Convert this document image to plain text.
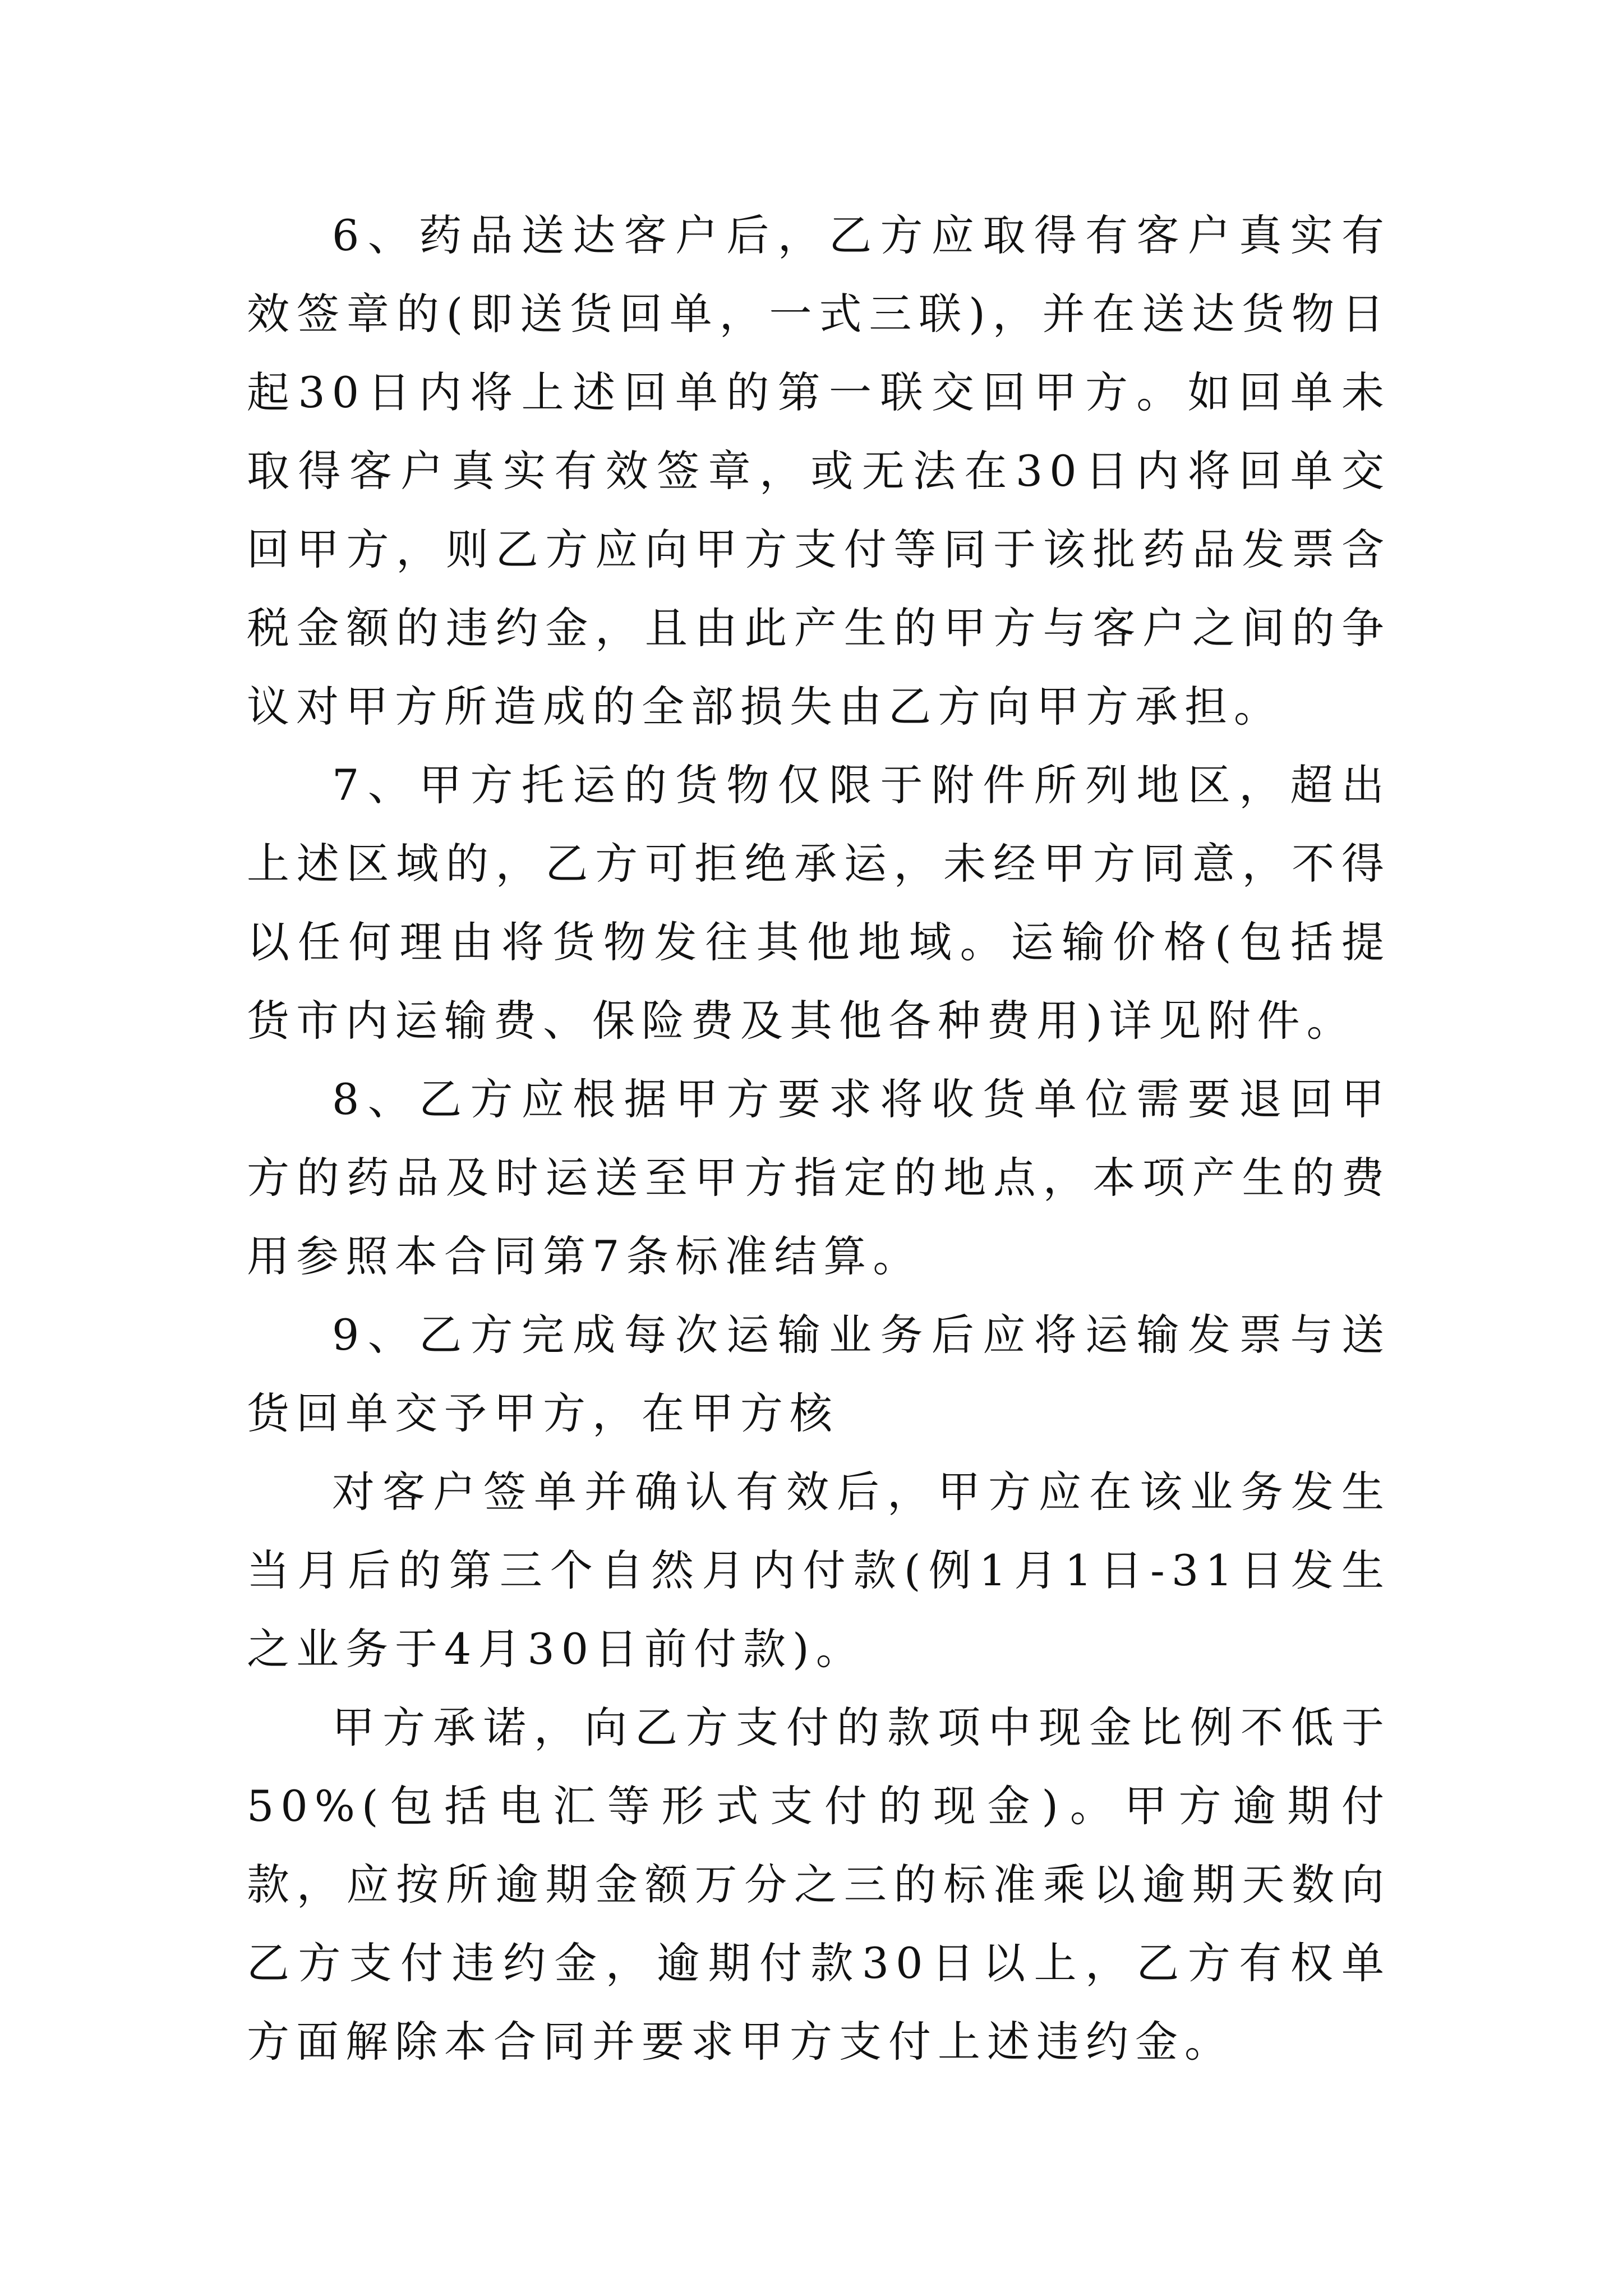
6、药品送达客户后，乙方应取得有客户真实有效签章的(即送货回单，一式三联)，并在送达货物日起30日内将上述回单的第一联交回甲方。如回单未取得客户真实有效签章，或无法在30日内将回单交回甲方，则乙方应向甲方支付等同于该批药品发票含税金额的违约金，且由此产生的甲方与客户之间的争议对甲方所造成的全部损失由乙方向甲方承担。

7、甲方托运的货物仅限于附件所列地区，超出上述区域的，乙方可拒绝承运，未经甲方同意，不得以任何理由将货物发往其他地域。运输价格(包括提货市内运输费、保险费及其他各种费用)详见附件。

8、乙方应根据甲方要求将收货单位需要退回甲方的药品及时运送至甲方指定的地点，本项产生的费用参照本合同第7条标准结算。

9、乙方完成每次运输业务后应将运输发票与送货回单交予甲方，在甲方核

对客户签单并确认有效后，甲方应在该业务发生当月后的第三个自然月内付款(例1月1日-31日发生之业务于4月30日前付款)。

甲方承诺，向乙方支付的款项中现金比例不低于50%(包括电汇等形式支付的现金)。甲方逾期付款，应按所逾期金额万分之三的标准乘以逾期天数向乙方支付违约金，逾期付款30日以上，乙方有权单方面解除本合同并要求甲方支付上述违约金。
